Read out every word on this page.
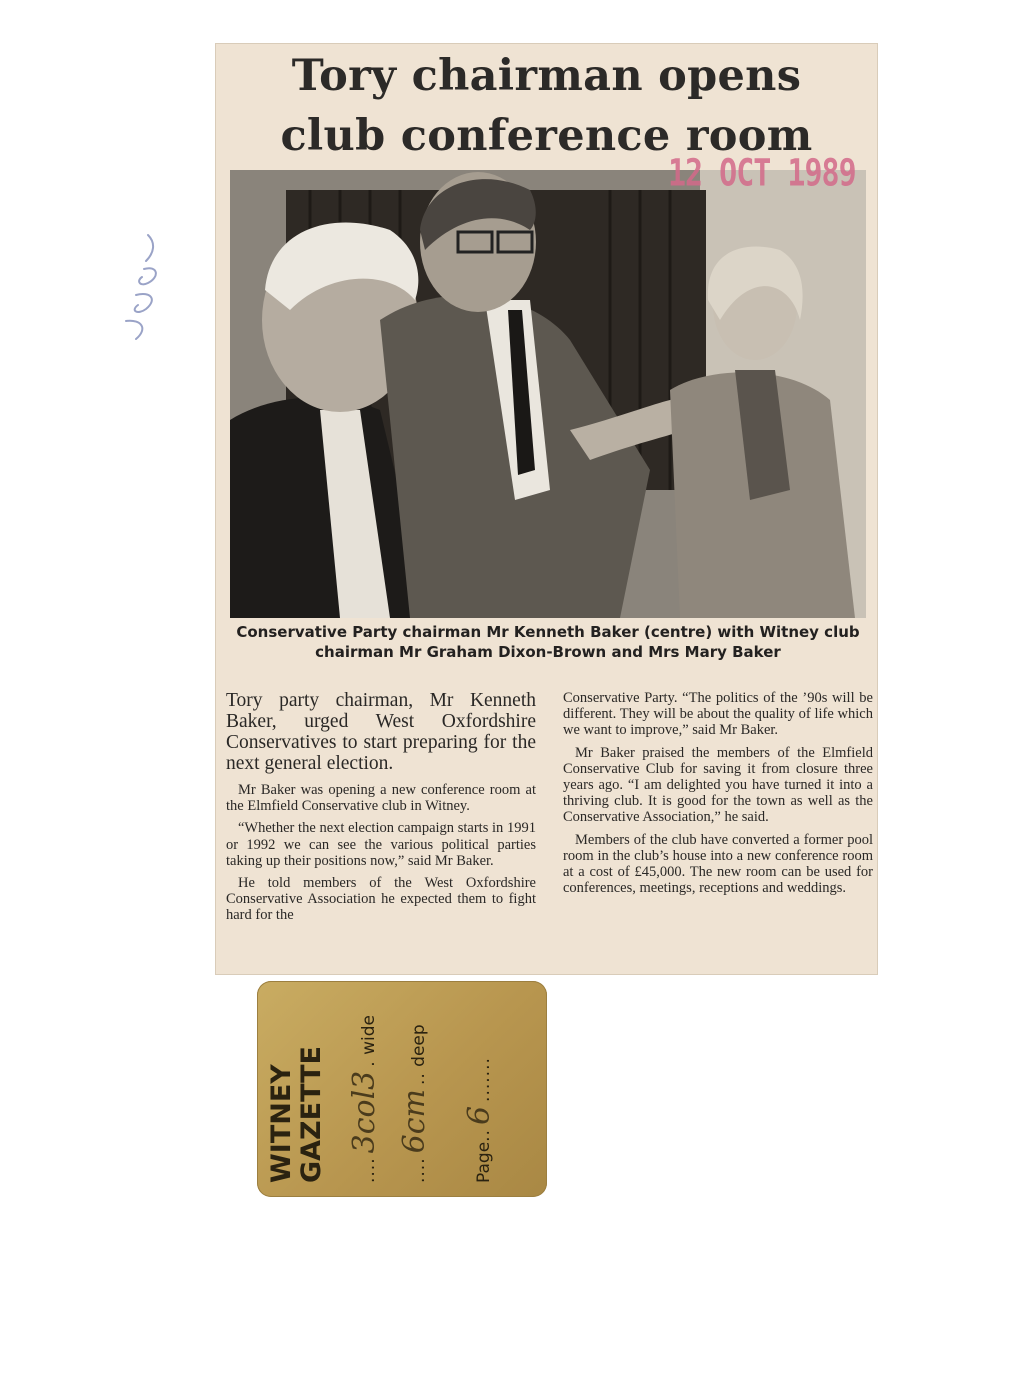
Tory chairman opens
club conference room
12 OCT 1989

Conservative Party chairman Mr Kenneth Baker (centre) with Witney club chairman Mr Graham Dixon-Brown and Mrs Mary Baker

Tory party chairman, Mr Kenneth Baker, urged West Oxfordshire Conservatives to start preparing for the next general election.

Mr Baker was opening a new conference room at the Elmfield Conservative club in Witney.

“Whether the next election campaign starts in 1991 or 1992 we can see the various political parties taking up their positions now,” said Mr Baker.

He told members of the West Oxfordshire Conservative Association he expected them to fight hard for the

Conservative Party. “The politics of the ’90s will be different. They will be about the quality of life which we want to improve,” said Mr Baker.

Mr Baker praised the members of the Elmfield Conservative Club for saving it from closure three years ago. “I am delighted you have turned it into a thriving club. It is good for the town as well as the Conservative Association,” he said.

Members of the club have converted a former pool room in the club’s house into a new conference room at a cost of £45,000. The new room can be used for conferences, meetings, receptions and weddings.

WITNEY GAZETTE	....3col3. wide
....6cm.. deep
Page..6.......
